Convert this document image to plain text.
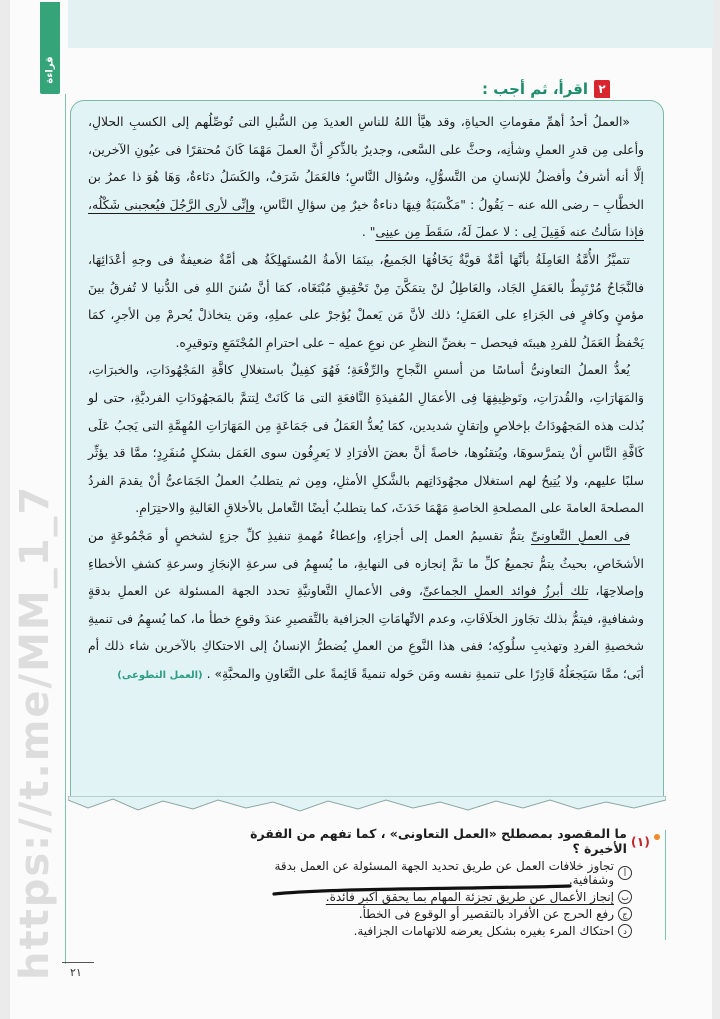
قراءة
https://t.me/MM_1_7
٢
اقرأ، ثم أجب :

«العملُ أحدُ أهمِّ مقوماتِ الحياةِ، وقد هيَّأ اللهُ للناسِ العديدَ مِن السُّبلِ التى تُوصِّلُهم إلى الكسبِ الحلالِ، وأعلى مِن قدرِ العملِ وشأنِه، وحثَّ على السَّعى، وجديرٌ بالذِّكرِ أنَّ العملَ مَهْمَا كَانَ مُحتقرًا فى عيُونِ الآخرين، إلَّا أنه أشرفُ وأفضلُ للإنسانِ من التَّسوُّلِ، وسُؤال النَّاسِ؛ فالعَمَلُ شَرَفٌ، والكَسَلُ دنَاءةٌ، وَهَا هُوَ ذا عمرُ بن الخطَّابِ – رضى الله عنه – يَقُولُ : "مَكْسَبَةٌ فِيهَا دناءةٌ خيرٌ مِن سؤالِ النَّاسِ، وإنِّى لأرى الرَّجُلَ فيُعجبنى شَكْلُه، فإذا سَألتُ عنه فَقِيلَ لِى : لا عملَ لَهُ، سَقَطَ مِن عينِى" .

تتميَّزُ الأُمَّةُ العَامِلَةُ بأنَّهَا أمَّةٌ قويَّةٌ يَخَافُهَا الجَميعُ، بينَمَا الأمةُ المُستَهلِكَةُ هى أمَّةٌ ضعيفةٌ فى وجهِ أعْدَائِهَا، فالنَّجَاحُ مُرْتَبِطٌ بالعَمَلِ الجَاد، والعَاطِلُ لنْ يتمَكَّنَ مِنْ تَحْقِيقِ مُبْتَغَاه، كمَا أنَّ سُننَ اللهِ فى الدُّنيا لا تُفرقُ بينَ مؤمنٍ وكافرٍ فى الجَزاءِ على العَمَلِ؛ ذلك لأنَّ مَن يَعملْ يُؤجرْ على عملِهِ، ومَن يتخاذلْ يُحرمْ مِن الأجرِ، كمَا يَحْفظُ العَمَلُ للفردِ هيبتَه فيحصل – بغضِّ النظرِ عن نوعِ عملِه – على احترامِ المُجْتَمَعِ وتوقيرِه.

يُعدُّ العملُ التعاونىُّ أساسًا من أسسِ النَّجاحِ والرِّفْعَةِ؛ فَهُوَ كفِيلٌ باستغلالِ كافَّةِ المَجْهُودَاتِ، والخبرَاتِ، وَالمَهَارَاتِ، والقُدرَاتِ، وتَوظِيفِهَا فِى الأعمَالِ المُفيدَةِ النَّافعَةِ التى مَا كَانَتْ لِتتمَّ بالمَجهُودَاتِ الفرديَّةِ، حتى لو بُذلت هذه المَجهُودَاتُ بإخلاصٍ وإتقانٍ شديدين، كمَا يُعدُّ العَمَلُ فى جَمَاعَةٍ مِن المَهَارَاتِ المُهِمَّةِ التى يَجبُ عَلَى كَافَّةِ النَّاسِ أنْ يتمرَّسوهَا، ويُتقنُوها، خاصةً أنَّ بعضَ الأفرَادِ لا يَعرِفُون سوى العَمَل بشكلٍ مُنفَرِدٍ؛ ممَّا قد يؤثِّر سلبًا عليهم، ولا يُتِيحُ لهم استغلال مجهُودَاتِهم بالشَّكلِ الأمثلِ، ومِن ثم يتطلبُ العملُ الجَمَاعىُّ أنْ يقدمَ الفردُ المصلحةَ العامةَ على المصلحةِ الخاصةِ مَهْمَا حَدَثَ، كما يتطلبُ أيضًا التَّعامل بالأخلاقِ العَاليةِ والاحتِرَامِ.

فى العملِ التَّعاونىِّ يتمُّ تقسيمُ العمل إلى أجزاءٍ، وإعطاءُ مُهمةِ تنفيذِ كلِّ جزءٍ لشخصٍ أو مَجْمُوعَةٍ من الأشخَاصِ، بحيثُ يتمُّ تجميعُ كلِّ ما تمَّ إنجازه فى النهايةِ، ما يُسهِمُ فى سرعةِ الإنجَازِ وسرعةِ كشفِ الأخطاءِ وإصلاحِهَا، تلك أبرزُ فوائد العملِ الجماعىِّ، وفى الأعمالِ التَّعاونيَّةِ تحدد الجهة المسئولة عن العملِ بدقةٍ وشفافيةٍ، فيتمُّ بذلك تجَاوز الخلَافَاتِ، وعدم الاتِّهامَاتِ الجزافية بالتَّقصيرِ عندَ وقوعِ خطأ ما، كما يُسهِمُ فى تنميةِ شخصيةِ الفردِ وتهذيبِ سلُوكِه؛ ففى هذا النَّوعِ من العملِ يُضطرُّ الإنسانُ إلى الاحتكاكِ بالآخرين شاء ذلك أم أبَى؛ ممَّا سَيَجعَلُهُ قَادِرًا على تنميةِ نفسه ومَن حَوله تنميةً قَائِمةً على التَّعَاونِ والمحبَّةِ» . (العمل التطوعى)

(١)
ما المقصود بمصطلح «العمل التعاونى» ، كما تفهم من الفقرة الأخيرة ؟
أ
تجاوز خلافات العمل عن طريق تحديد الجهة المسئولة عن العمل بدقة وشفافية.
ب
إنجاز الأعمال عن طريق تجزئة المهام بما يحقق أكبر فائدة.
ج
رفع الحرج عن الأفراد بالتقصير أو الوقوع فى الخطأ.
د
احتكاك المرء بغيره بشكل يعرضه للاتهامات الجزافية.
٢١
